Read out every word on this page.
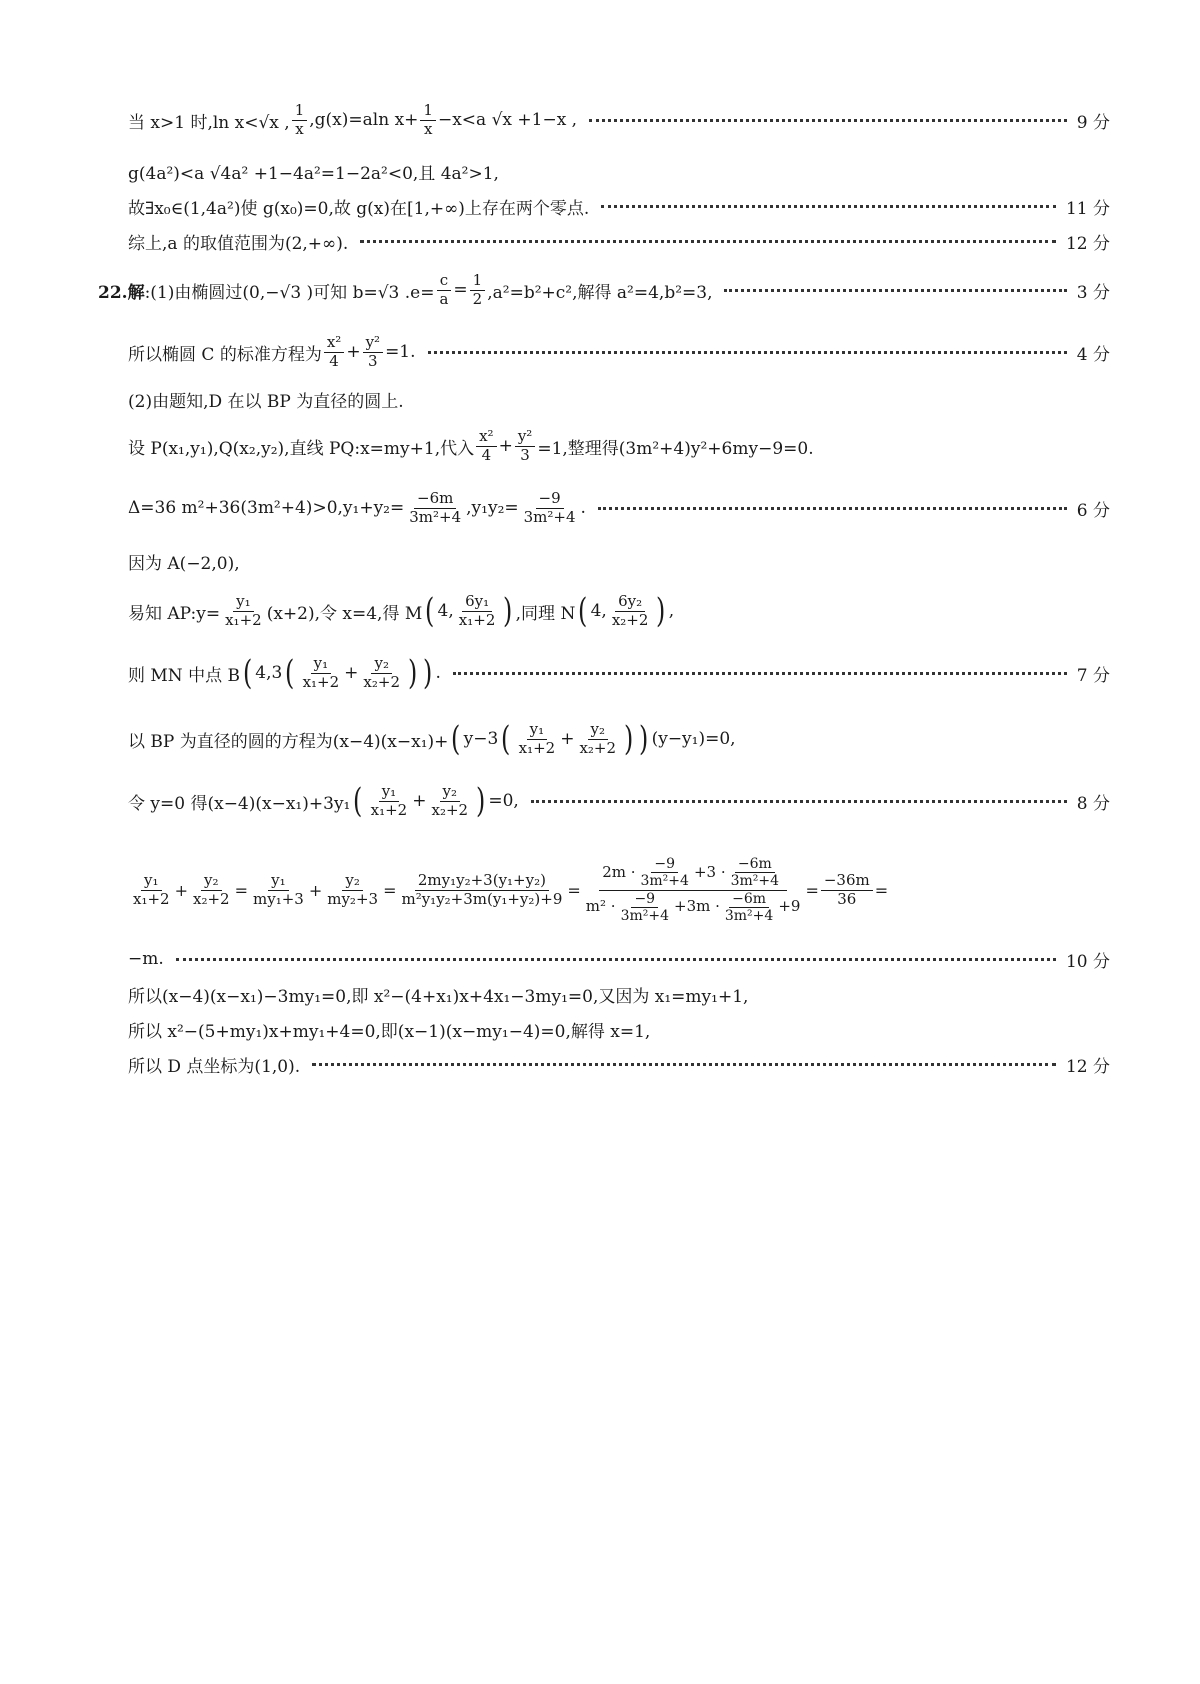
当 x>1 时,ln x<√x , $\frac{1}{x} ,g(x)=aln$ $x+ \frac{1}{x} -x<a$ √x +1−x ,	9 分
g(4a²)<a √4a² +1−4a²=1−2a²<0,且 4a²>1,
故∃x₀∈(1,4a²)使 g(x₀)=0,故 g(x)在[1,+∞)上存在两个零点.	11 分
综上,a 的取值范围为(2,+∞).	12 分
22.解 :(1)由椭圆过(0,−√3 )可知 b=√3 $.e= \frac{c}{a} = \frac{1}{2} ,a^2=b^2+c^2$,解得 a²=4,b²=3,	3 分
所以椭圆 C 的标准方程为 $\frac{\text{x²}}{4} + \frac{\text{y²}}{3} =1$.	4 分
(2)由题知,D 在以 BP 为直径的圆上.
设 P(x₁,y₁),Q(x₂,y₂),直线 PQ:x=my+1,代入 $\frac{\text{x²}}{4} + \frac{\text{y²}}{3} =1$,整理得(3m²+4)y²+6my−9=0.
Δ=36 $m^2+36(3m^2+4)>0,y_1+y_2= \frac{-6m}{\text{3m²+4}} ,y_1y_2= \frac{-9}{\text{3m²+4}}$ .	6 分
因为 A(−2,0),
易知 AP:y= $\frac{\text{y₁}}{\text{x₁+2}} (x+2)$,令 x=4,得 M ( 4, $\frac{\text{6y₁}}{\text{x₁+2}}$ ) ,同理 N ( 4, $\frac{\text{6y₂}}{\text{x₂+2}}$ ) ,
则 MN 中点 B ( 4,3 ( $\frac{\text{y₁}}{\text{x₁+2}} + \frac{\text{y₂}}{\text{x₂+2}}$ ) ) .	7 分
以 BP 为直径的圆的方程为(x−4)(x−x₁)+ ( y−3 ( $\frac{\text{y₁}}{\text{x₁+2}} + \frac{\text{y₂}}{\text{x₂+2}}$ ) ) (y−y₁)=0,
令 y=0 得(x−4)(x−x₁)+3y₁ ( $\frac{\text{y₁}}{\text{x₁+2}} + \frac{\text{y₂}}{\text{x₂+2}}$ ) =0,	8 分
$\frac{\text{y₁}}{\text{x₁+2}} + \frac{\text{y₂}}{\text{x₂+2}} = \frac{\text{y₁}}{\text{my₁+3}} + \frac{\text{y₂}}{\text{my₂+3}} = \frac{\text{2my₁y₂+3(y₁+y₂)}}{\text{m²y₁y₂+3m(y₁+y₂)+9}}$ =
$2m \cdot \frac{-9}{\text{3m²+4}} +3 \cdot \frac{-6m}{\text{3m²+4}}$
$m^2 \cdot \frac{-9}{\text{3m²+4}} +3m \cdot \frac{-6m}{\text{3m²+4}} +9$
= $\frac{-36m}{36}$ =
−m.	10 分
所以(x−4)(x−x₁)−3my₁=0,即 x²−(4+x₁)x+4x₁−3my₁=0,又因为 x₁=my₁+1,
所以 x²−(5+my₁)x+my₁+4=0,即(x−1)(x−my₁−4)=0,解得 x=1,
所以 D 点坐标为(1,0).	12 分
